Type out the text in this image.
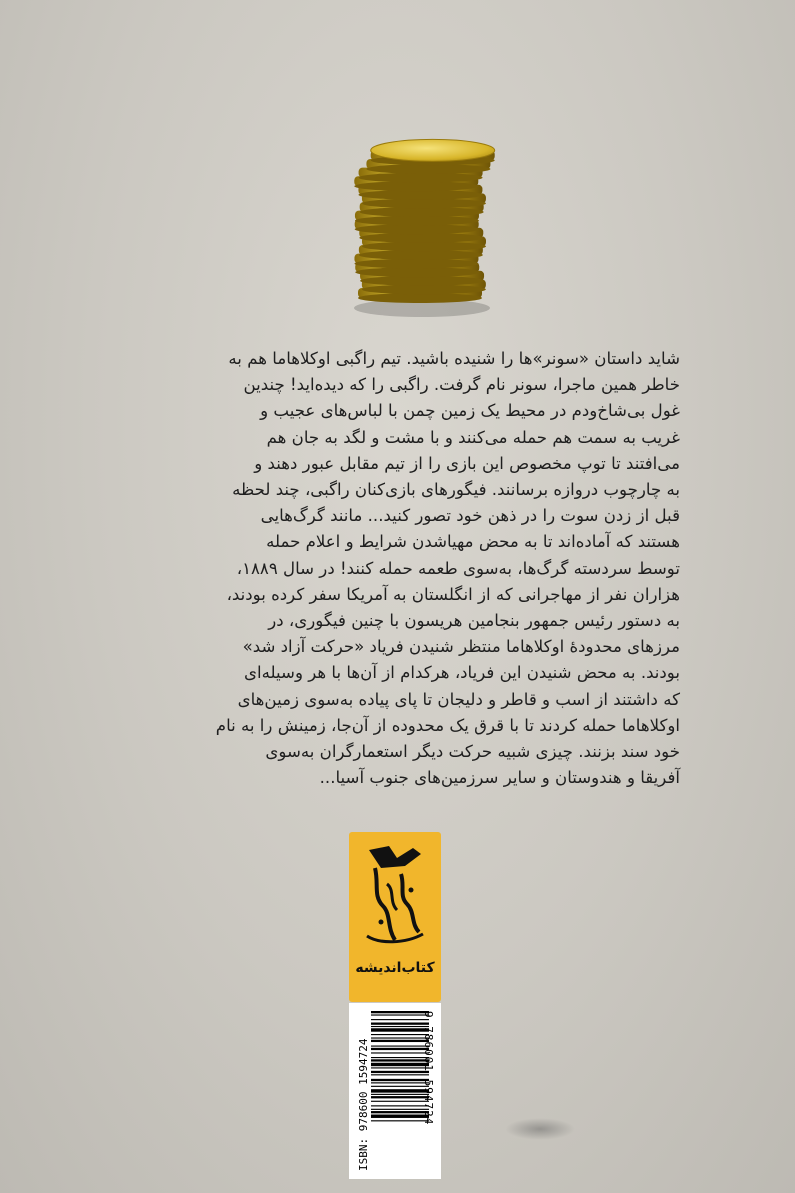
شاید داستان «سونر»ها را شنیده باشید. تیم راگبی اوکلاهاما هم به

خاطر همین ماجرا، سونر نام گرفت. راگبی را که دیده‌اید! چندین

غول بی‌شاخ‌ودم در محیط یک زمین چمن با لباس‌های عجیب و

غریب به سمت هم حمله می‌کنند و با مشت و لگد به جان هم

می‌افتند تا توپ مخصوص این بازی را از تیم مقابل عبور دهند و

به چارچوب دروازه برسانند. فیگورهای بازی‌کنان راگبی، چند لحظه

قبل از زدن سوت را در ذهن خود تصور کنید... مانند گرگ‌هایی

هستند که آماده‌اند تا به محض مهیاشدن شرایط و اعلام حمله

توسط سردسته گرگ‌ها، به‌سوی طعمه حمله کنند! در سال ۱۸۸۹،

هزاران نفر از مهاجرانی که از انگلستان به آمریکا سفر کرده بودند،

به دستور رئیس جمهور بنجامین هریسون با چنین فیگوری، در

مرزهای محدودهٔ اوکلاهاما منتظر شنیدن فریاد «حرکت آزاد شد»

بودند. به محض شنیدن این فریاد، هرکدام از آن‌ها با هر وسیله‌ای

که داشتند از اسب و قاطر و دلیجان تا پای پیاده به‌سوی زمین‌های

اوکلاهاما حمله کردند تا با قرق یک محدوده از آن‌جا، زمینش را به نام

خود سند بزنند. چیزی شبیه حرکت دیگر استعمارگران به‌سوی

آفریقا و هندوستان و سایر سرزمین‌های جنوب آسیا...

کتاب‌اندیشه
ISBN: 978600 1594724	9 786001 594724
